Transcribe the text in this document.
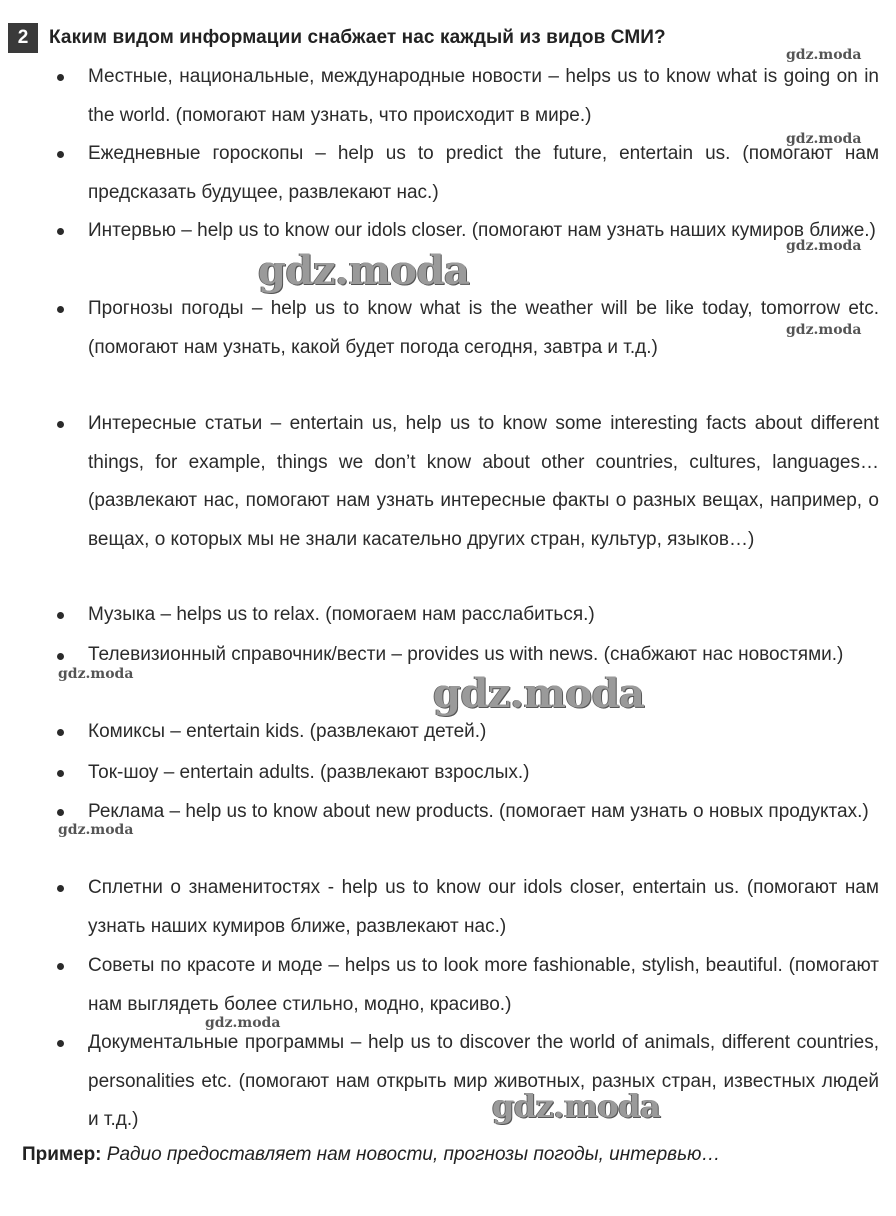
2	Каким видом информации снабжает нас каждый из видов СМИ?
Местные, национальные, международные новости – helps us to know what is going on in the world. (помогают нам узнать, что происходит в мире.)
Ежедневные гороскопы – help us to predict the future, entertain us. (помогают нам предсказать будущее, развлекают нас.)
Интервью – help us to know our idols closer. (помогают нам узнать наших кумиров ближе.)
Прогнозы погоды – help us to know what is the weather will be like today, tomorrow etc. (помогают нам узнать, какой будет погода сегодня, завтра и т.д.)
Интересные статьи – entertain us, help us to know some interesting facts about different things, for example, things we don’t know about other countries, cultures, languages…(развлекают нас, помогают нам узнать интересные факты о разных вещах, например, о вещах, о которых мы не знали касательно других стран, культур, языков…)
Музыка – helps us to relax. (помогаем нам расслабиться.)
Телевизионный справочник/вести – provides us with news. (снабжают нас новостями.)
Комиксы – entertain kids. (развлекают детей.)
Ток-шоу – entertain adults. (развлекают взрослых.)
Реклама – help us to know about new products. (помогает нам узнать о новых продуктах.)
Сплетни о знаменитостях - help us to know our idols closer, entertain us. (помогают нам узнать наших кумиров ближе, развлекают нас.)
Советы по красоте и моде – helps us to look more fashionable, stylish, beautiful. (помогают нам выглядеть более стильно, модно, красиво.)
Документальные программы – help us to discover the world of animals, different countries, personalities etc. (помогают нам открыть мир животных, разных стран, известных людей и т.д.)
Пример: Радио предоставляет нам новости, прогнозы погоды, интервью…
gdz.moda
gdz.moda
gdz.moda
gdz.moda
gdz.moda
gdz.moda	gdz.moda
gdz.moda
gdz.moda
gdz.moda
